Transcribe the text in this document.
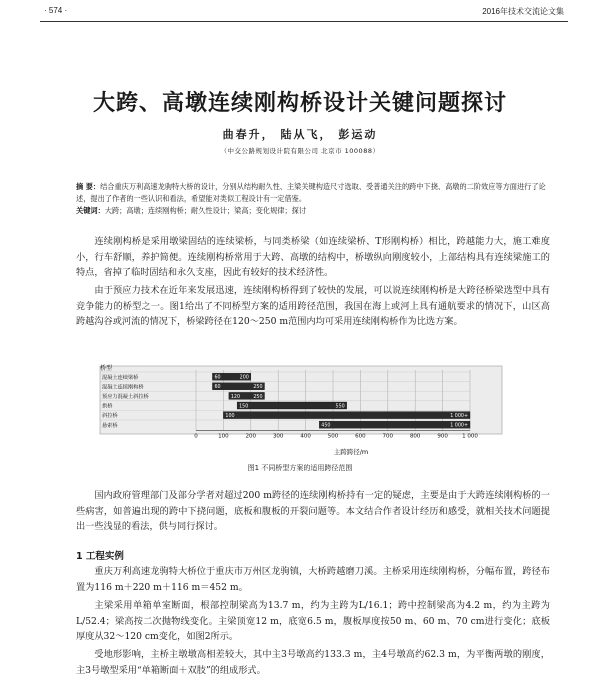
· 574 ·	2016年技术交流论文集
大跨、高墩连续刚构桥设计关键问题探讨
曲春升， 陆从飞， 彭运动
（中交公路规划设计院有限公司 北京市 100088）
摘 要：结合重庆万利高速龙驹特大桥的设计，分别从结构耐久性、主梁关键构造尺寸选取、受普通关注的跨中下挠、高墩的二阶效应等方面进行了论述，提出了作者的一些认识和看法，希望能对类似工程设计有一定借鉴。
关键词：大跨；高墩；连续刚构桥；耐久性设计；梁高；变化规律；探讨
连续刚构桥是采用墩梁固结的连续梁桥，与同类桥梁（如连续梁桥、T形刚构桥）相比，跨越能力大，施工难度小，行车舒顺，养护简便。连续刚构桥常用于大跨、高墩的结构中，桥墩纵向刚度较小，上部结构具有连续梁施工的特点，省掉了临时固结和永久支座，因此有较好的技术经济性。
由于预应力技术在近年来发展迅速，连续刚构桥得到了较快的发展，可以说连续刚构桥是大跨径桥梁选型中具有竞争能力的桥型之一。图1给出了不同桥型方案的适用跨径范围，我国在海上或河上具有通航要求的情况下，山区高跨越沟谷或河流的情况下，桥梁跨径在120～250 m范围内均可采用连续刚构桥作为比选方案。
60	200
60	250
120	250
150	550
100	1 000+
450	1 000+
混凝土连续梁桥
混凝土连续刚构桥
预应力混凝土斜拉桥
拱桥
斜拉桥
悬索桥
0	100	200	300	400	500	600	700	800	900	1 000
桥型
主跨跨径/m
图1 不同桥型方案的适用跨径范围
国内政府管理部门及部分学者对超过200 m跨径的连续刚构桥持有一定的疑虑，主要是由于大跨连续刚构桥的一些病害，如普遍出现的跨中下挠问题，底板和腹板的开裂问题等。本文结合作者设计经历和感受，就相关技术问题提出一些浅显的看法，供与同行探讨。
1 工程实例
重庆万利高速龙驹特大桥位于重庆市万州区龙驹镇，大桥跨越磨刀溪。主桥采用连续刚构桥，分幅布置，跨径布置为116 m＋220 m＋116 m＝452 m。
主梁采用单箱单室断面，根部控制梁高为13.7 m，约为主跨为L/16.1；跨中控制梁高为4.2 m，约为主跨为L/52.4；梁高按二次抛物线变化。主梁顶宽12 m，底宽6.5 m，腹板厚度按50 m、60 m、70 cm进行变化；底板厚度从32～120 cm变化，如图2所示。
受地形影响，主桥主墩墩高相差较大，其中主3号墩高约133.3 m，主4号墩高约62.3 m，为平衡两墩的刚度，主3号墩型采用“单箱断面＋双肢”的组成形式。
